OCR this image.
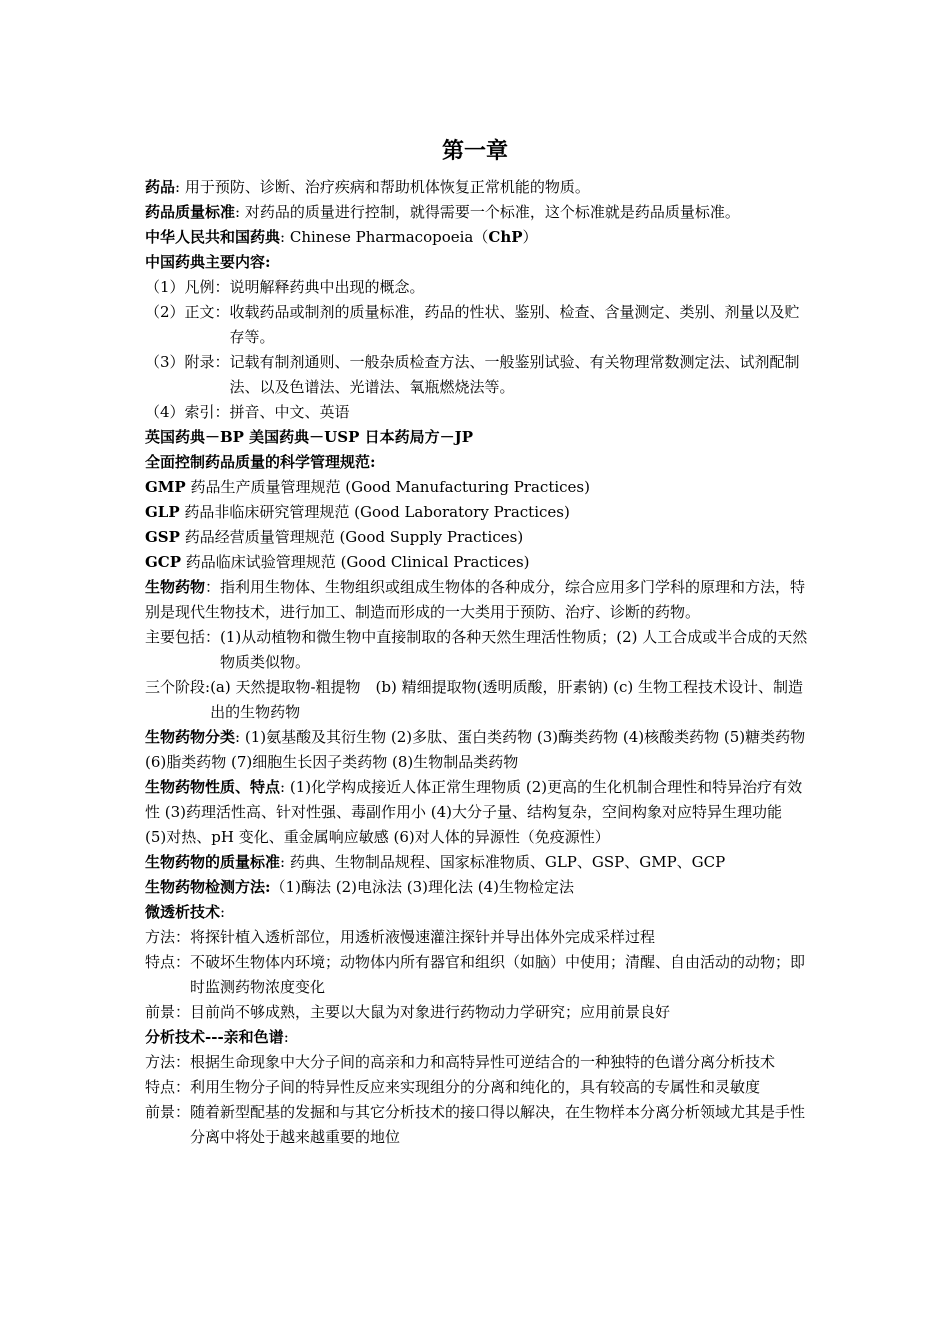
第一章

药品: 用于预防、诊断、治疗疾病和帮助机体恢复正常机能的物质。

药品质量标准: 对药品的质量进行控制，就得需要一个标准，这个标准就是药品质量标准。

中华人民共和国药典: Chinese Pharmacopoeia（ChP）

中国药典主要内容:

（1）凡例： 说明解释药典中出现的概念。
（2）正文： 收载药品或制剂的质量标准，药品的性状、鉴别、检查、含量测定、类别、剂量以及贮存等。
（3）附录： 记载有制剂通则、一般杂质检查方法、一般鉴别试验、有关物理常数测定法、试剂配制法、以及色谱法、光谱法、氧瓶燃烧法等。
（4）索引： 拼音、中文、英语

英国药典－BP 美国药典－USP 日本药局方－JP

全面控制药品质量的科学管理规范:

GMP 药品生产质量管理规范 (Good Manufacturing Practices)

GLP 药品非临床研究管理规范 (Good Laboratory Practices)

GSP 药品经营质量管理规范 (Good Supply Practices)

GCP 药品临床试验管理规范 (Good Clinical Practices)

生物药物：指利用生物体、生物组织或组成生物体的各种成分，综合应用多门学科的原理和方法，特别是现代生物技术，进行加工、制造而形成的一大类用于预防、治疗、诊断的药物。

主要包括： (1)从动植物和微生物中直接制取的各种天然生理活性物质；(2) 人工合成或半合成的天然物质类似物。
三个阶段: (a) 天然提取物-粗提物　(b) 精细提取物(透明质酸，肝素钠) (c) 生物工程技术设计、制造出的生物药物

生物药物分类: (1)氨基酸及其衍生物 (2)多肽、蛋白类药物 (3)酶类药物 (4)核酸类药物 (5)糖类药物 (6)脂类药物 (7)细胞生长因子类药物 (8)生物制品类药物

生物药物性质、特点: (1)化学构成接近人体正常生理物质 (2)更高的生化机制合理性和特异治疗有效性 (3)药理活性高、针对性强、毒副作用小 (4)大分子量、结构复杂，空间构象对应特异生理功能　(5)对热、pH 变化、重金属响应敏感 (6)对人体的异源性（免疫源性）

生物药物的质量标准: 药典、生物制品规程、国家标准物质、GLP、GSP、GMP、GCP

生物药物检测方法:（1)酶法 (2)电泳法 (3)理化法 (4)生物检定法

微透析技术:

方法： 将探针植入透析部位，用透析液慢速灌注探针并导出体外完成采样过程
特点： 不破坏生物体内环境；动物体内所有器官和组织（如脑）中使用；清醒、自由活动的动物；即时监测药物浓度变化
前景： 目前尚不够成熟，主要以大鼠为对象进行药物动力学研究；应用前景良好

分析技术---亲和色谱:

方法： 根据生命现象中大分子间的高亲和力和高特异性可逆结合的一种独特的色谱分离分析技术
特点： 利用生物分子间的特异性反应来实现组分的分离和纯化的，具有较高的专属性和灵敏度
前景： 随着新型配基的发掘和与其它分析技术的接口得以解决，在生物样本分离分析领域尤其是手性分离中将处于越来越重要的地位
